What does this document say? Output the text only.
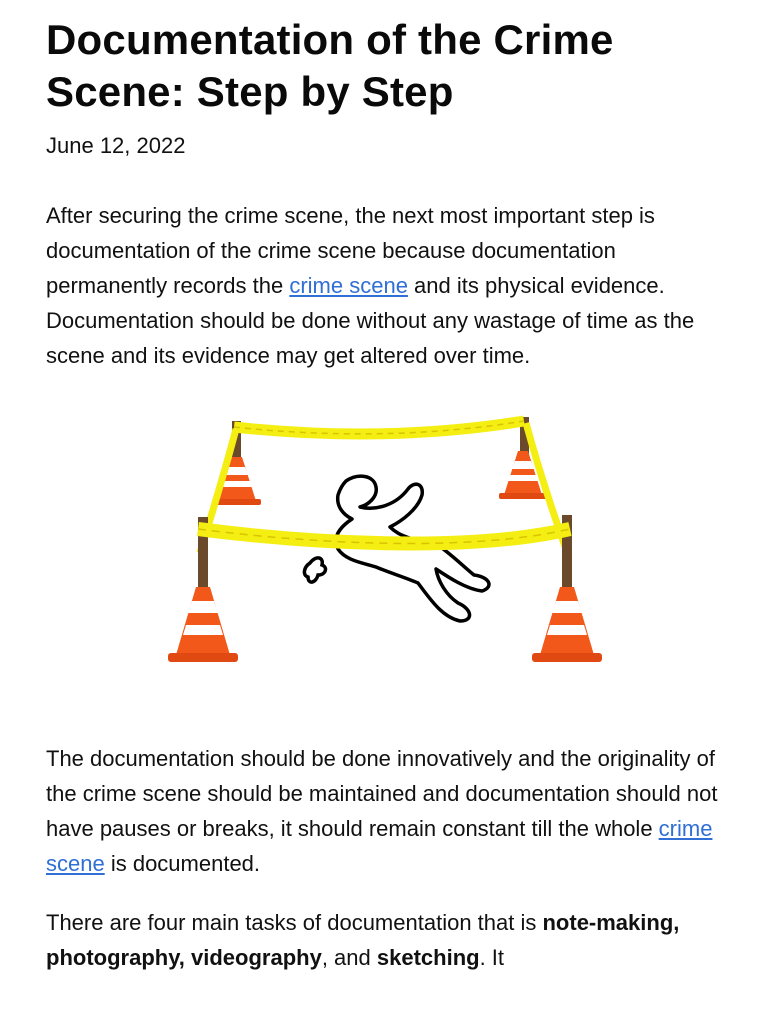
Documentation of the Crime Scene: Step by Step
June 12, 2022

After securing the crime scene, the next most important step is documentation of the crime scene because documentation permanently records the crime scene and its physical evidence. Documentation should be done without any wastage of time as the scene and its evidence may get altered over time.

The documentation should be done innovatively and the originality of the crime scene should be maintained and documentation should not have pauses or breaks, it should remain constant till the whole crime scene is documented.

There are four main tasks of documentation that is note-making, photography, videography, and sketching. It
